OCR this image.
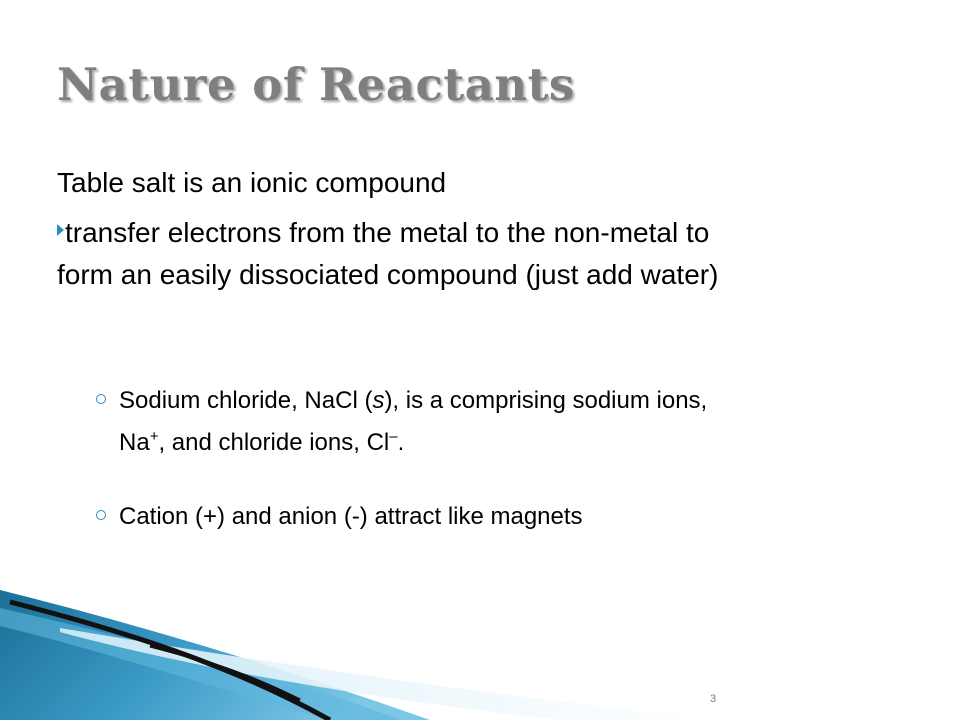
Nature of Reactants
Table salt is an ionic compound
transfer electrons from the metal to the non-metal to
form an easily dissociated compound (just add water)
Sodium chloride, NaCl (s), is a comprising sodium ions,
Na+, and chloride ions, Cl–.
Cation (+) and anion (-) attract like magnets
3
